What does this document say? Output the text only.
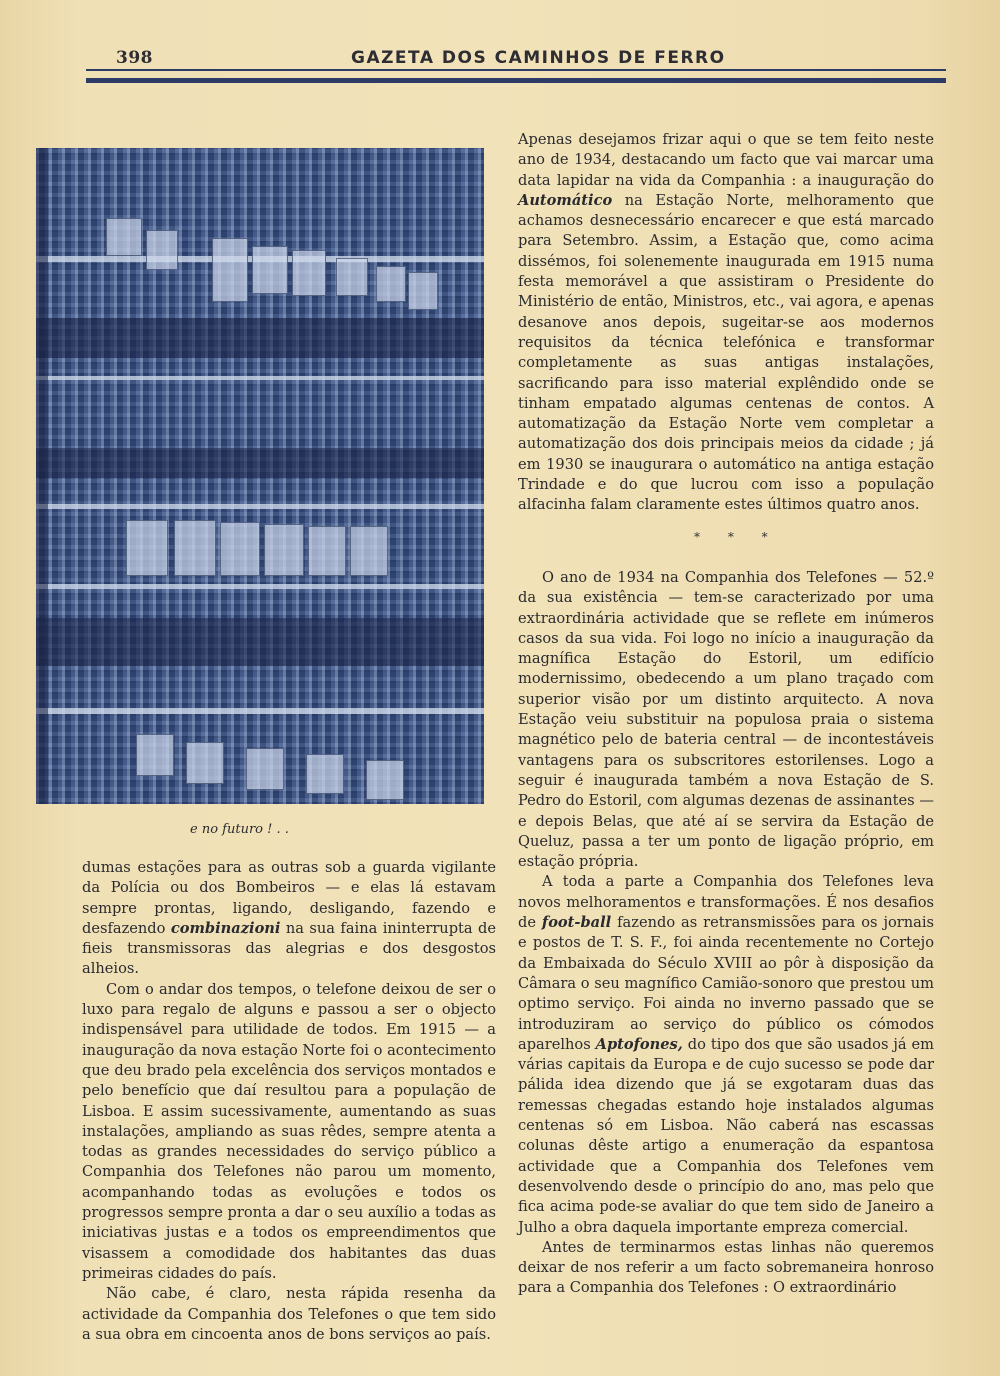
398	GAZETA DOS CAMINHOS DE FERRO
e no futuro ! . .

Apenas desejamos frizar aqui o que se tem feito neste ano de 1934, destacando um facto que vai marcar uma data lapidar na vida da Companhia : a inauguração do Automático na Estação Norte, melhoramento que achamos desnecessário encarecer e que está marcado para Setembro. Assim, a Estação que, como acima dissémos, foi solenemente inaugurada em 1915 numa festa memorável a que assistiram o Presidente do Ministério de então, Ministros, etc., vai agora, e apenas desanove anos depois, sugeitar-se aos modernos requisitos da técnica telefónica e transformar completamente as suas antigas instalações, sacrificando para isso material explêndido onde se tinham empatado algumas centenas de contos. A automatização da Estação Norte vem completar a automatização dos dois principais meios da cidade ; já em 1930 se inaugurara o automático na antiga estação Trindade e do que lucrou com isso a população alfacinha falam claramente estes últimos quatro anos.

* * *

O ano de 1934 na Companhia dos Telefones — 52.º da sua existência — tem-se caracterizado por uma extraordinária actividade que se reflete em inúmeros casos da sua vida. Foi logo no início a inauguração da magnífica Estação do Estoril, um edifício modernissimo, obedecendo a um plano traçado com superior visão por um distinto arquitecto. A nova Estação veiu substituir na populosa praia o sistema magnético pelo de bateria central — de incontestáveis vantagens para os subscritores estorilenses. Logo a seguir é inaugurada também a nova Estação de S. Pedro do Estoril, com algumas dezenas de assinantes — e depois Belas, que até aí se servira da Estação de Queluz, passa a ter um ponto de ligação próprio, em estação própria.

A toda a parte a Companhia dos Telefones leva novos melhoramentos e transformações. É nos desafios de foot-ball fazendo as retransmissões para os jornais e postos de T. S. F., foi ainda recentemente no Cortejo da Embaixada do Século XVIII ao pôr à disposição da Câmara o seu magnífico Camião-sonoro que prestou um optimo serviço. Foi ainda no inverno passado que se introduziram ao serviço do público os cómodos aparelhos Aptofones, do tipo dos que são usados já em várias capitais da Europa e de cujo sucesso se pode dar pálida idea dizendo que já se exgotaram duas das remessas chegadas estando hoje instalados algumas centenas só em Lisboa. Não caberá nas escassas colunas dêste artigo a enumeração da espantosa actividade que a Companhia dos Telefones vem desenvolvendo desde o princípio do ano, mas pelo que fica acima pode-se avaliar do que tem sido de Janeiro a Julho a obra daquela importante empreza comercial.

Antes de terminarmos estas linhas não queremos deixar de nos referir a um facto sobremaneira honroso para a Companhia dos Telefones : O extraordinário

dumas estações para as outras sob a guarda vigilante da Polícia ou dos Bombeiros — e elas lá estavam sempre prontas, ligando, desligando, fazendo e desfazendo combinazioni na sua faina ininterrupta de fieis transmissoras das alegrias e dos desgostos alheios.

Com o andar dos tempos, o telefone deixou de ser o luxo para regalo de alguns e passou a ser o objecto indispensável para utilidade de todos. Em 1915 — a inauguração da nova estação Norte foi o acontecimento que deu brado pela excelência dos serviços montados e pelo benefício que daí resultou para a população de Lisboa. E assim sucessivamente, aumentando as suas instalações, ampliando as suas rêdes, sempre atenta a todas as grandes necessidades do serviço público a Companhia dos Telefones não parou um momento, acompanhando todas as evoluções e todos os progressos sempre pronta a dar o seu auxílio a todas as iniciativas justas e a todos os empreendimentos que visassem a comodidade dos habitantes das duas primeiras cidades do país.

Não cabe, é claro, nesta rápida resenha da actividade da Companhia dos Telefones o que tem sido a sua obra em cincoenta anos de bons serviços ao país.
